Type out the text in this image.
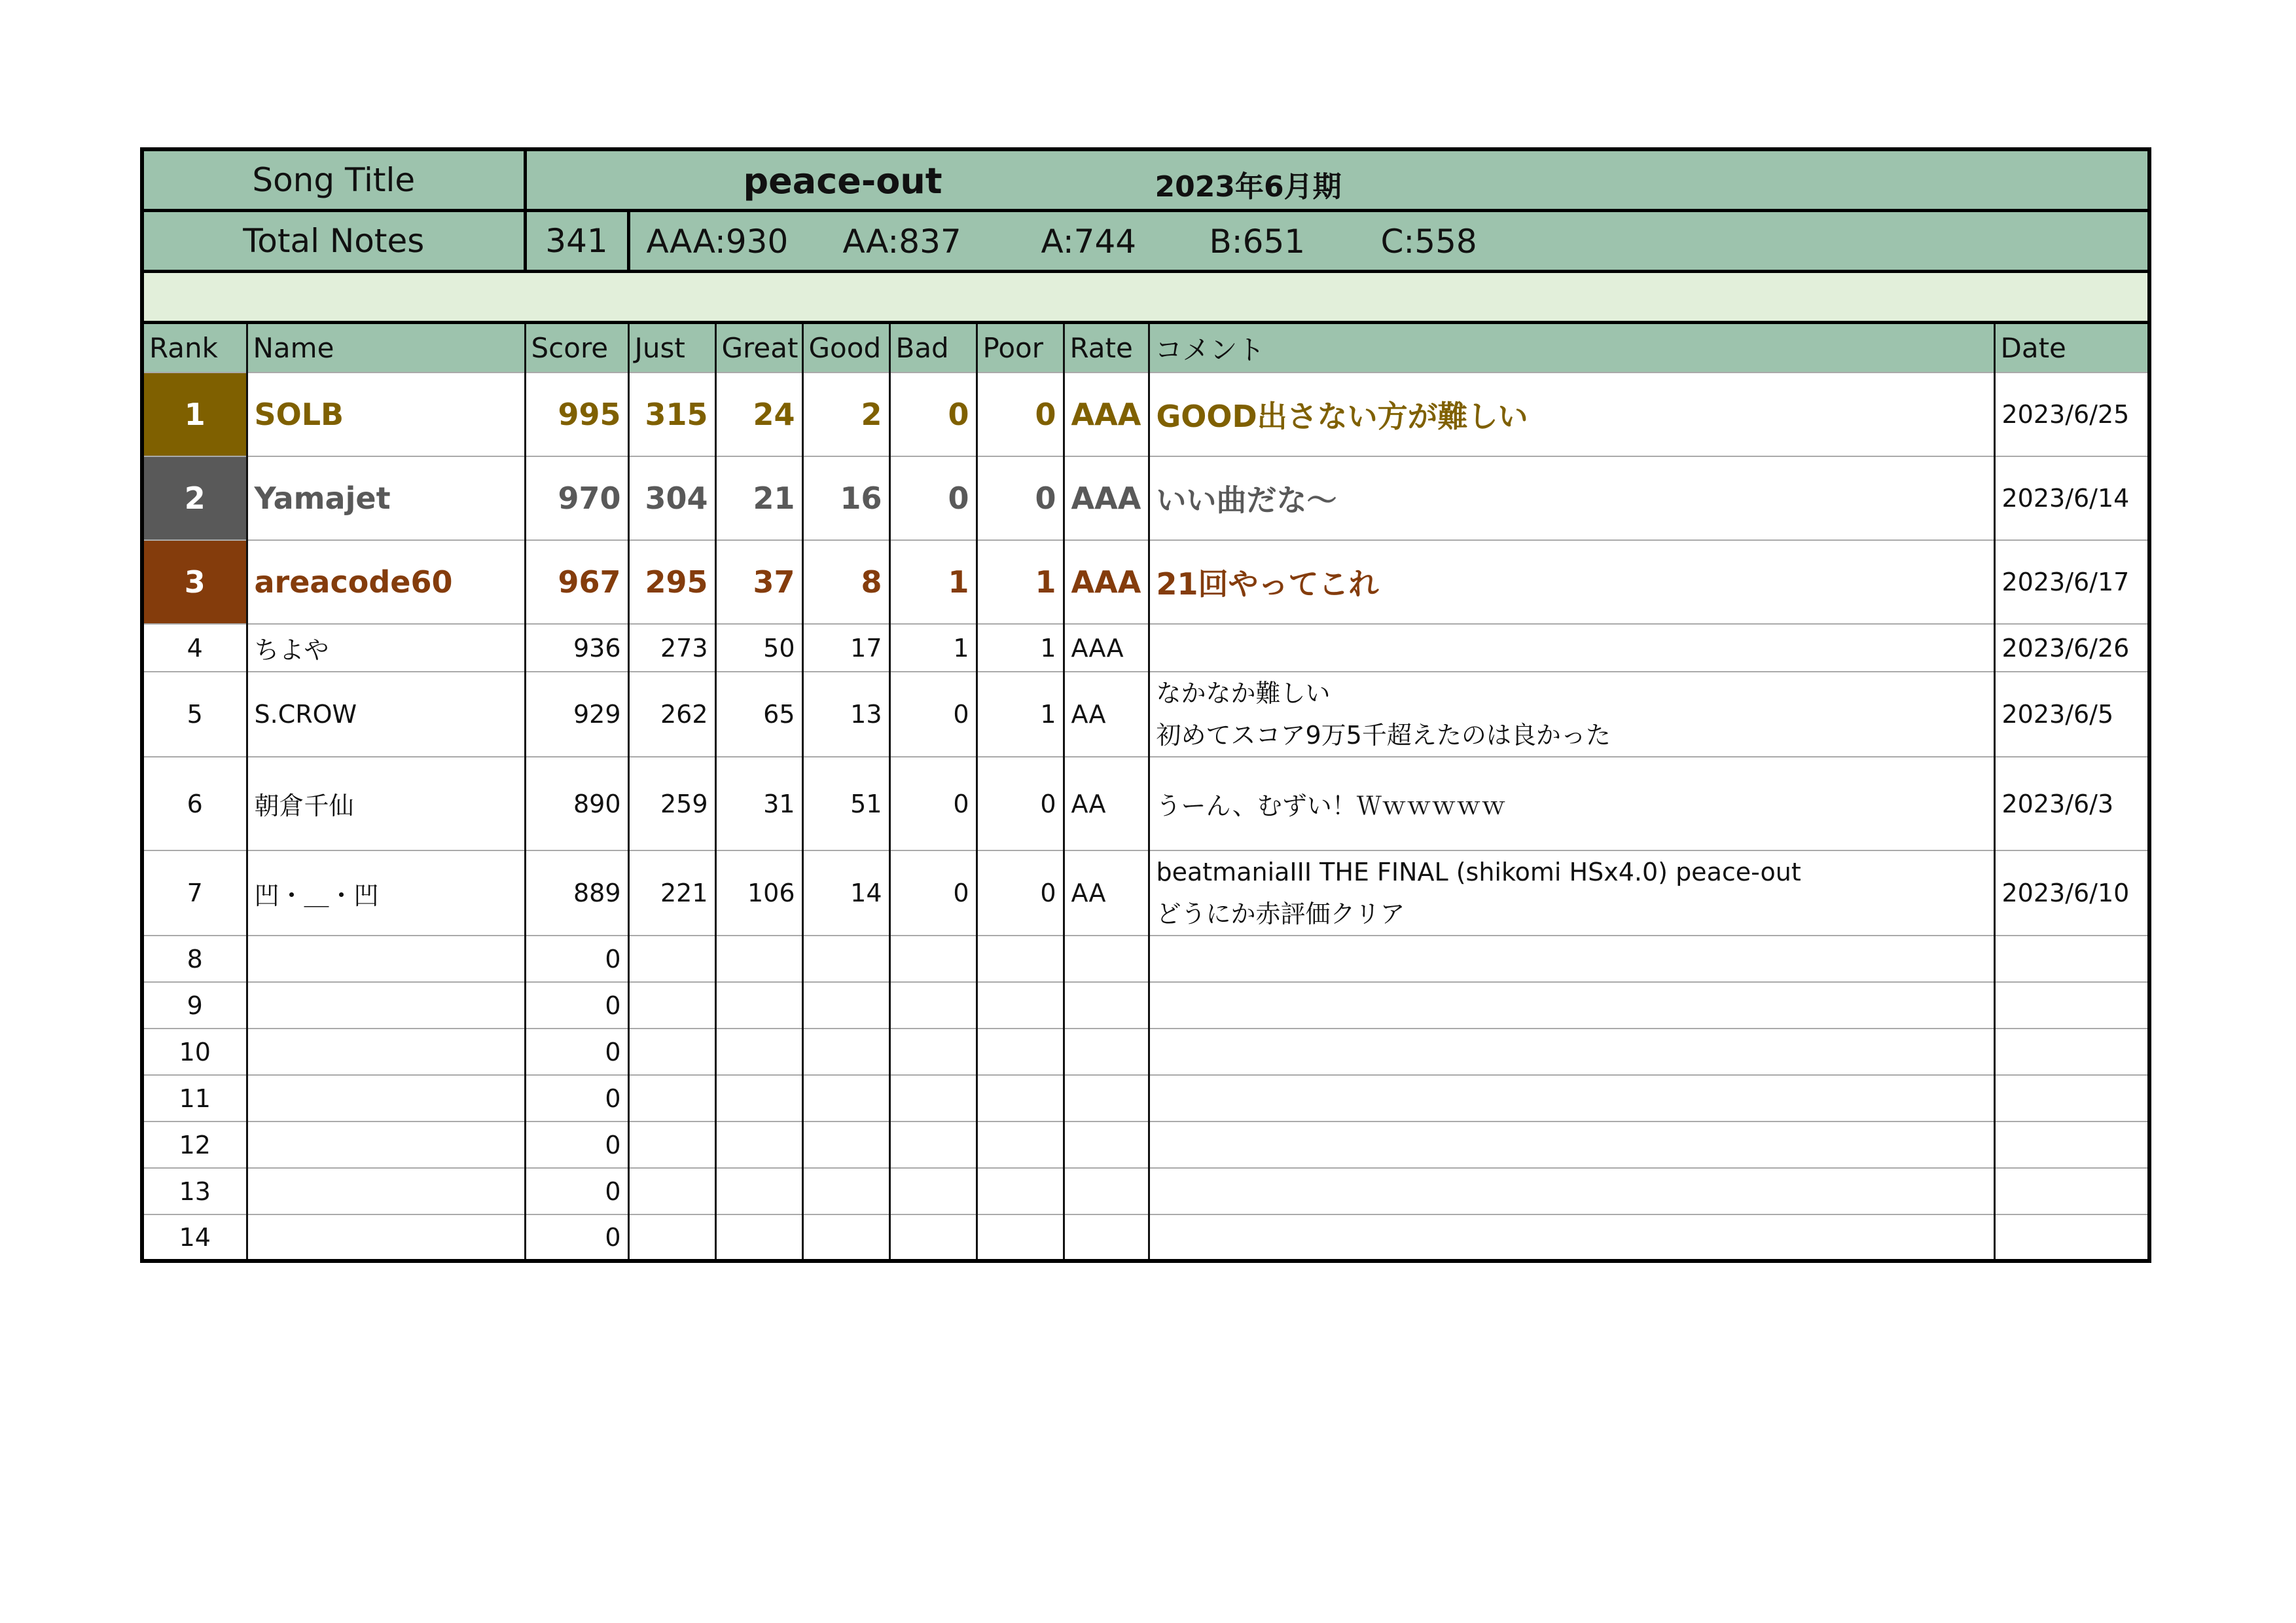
Song Title		peace-out 2023年6月期								

Total Notes		341	AAA:930 AA:837 A:744 B:651 C:558							

Rank	Name	Score	Just	Great	Good	Bad	Poor	Rate	コメント	Date
1	SOLB	995	315	24	2	0	0	AAA	GOOD出さない方が難しい	2023/6/25
2	Yamajet	970	304	21	16	0	0	AAA	いい曲だな～	2023/6/14
3	areacode60	967	295	37	8	1	1	AAA	21回やってこれ	2023/6/17
4	ちよや	936	273	50	17	1	1	AAA		2023/6/26
5	S.CROW	929	262	65	13	0	1	AA	なかなか難しい
初めてスコア9万5千超えたのは良かった	2023/6/5
6	朝倉千仙	890	259	31	51	0	0	AA	うーん、むずい！Ｗｗｗｗｗｗ	2023/6/3
7	凹・＿・凹	889	221	106	14	0	0	AA	beatmaniaIII THE FINAL (shikomi HSx4.0) peace-out
どうにか赤評価クリア	2023/6/10
8		0								
9		0								
10		0								
11		0								
12		0								
13		0								
14		0								
